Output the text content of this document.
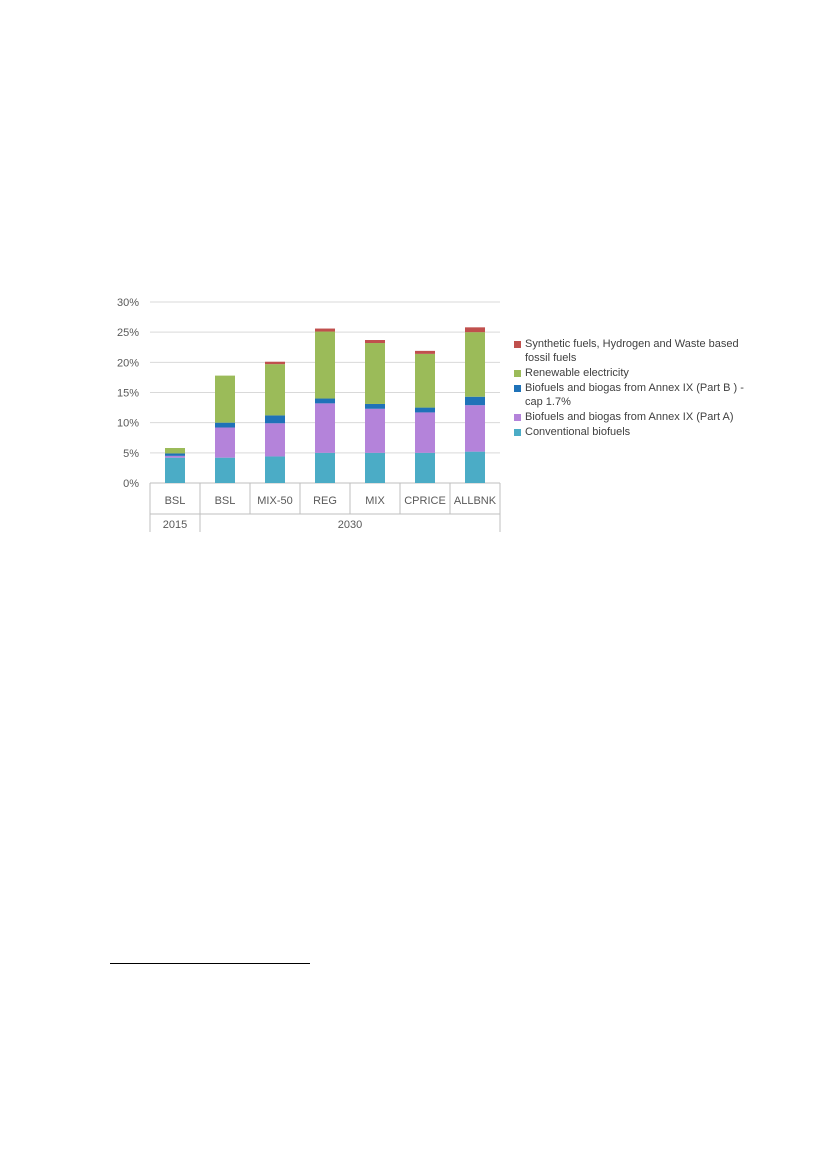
0%
5%
10%
15%
20%
25%
30%
BSL	BSL MIX-50 REG	MIX CPRICE ALLBNK
2015	2030
Synthetic fuels, Hydrogen and Waste based fossil fuels
Renewable electricity
Biofuels and biogas from Annex IX (Part B ) - cap 1.7%
Biofuels and biogas from Annex IX (Part A)
Conventional biofuels
